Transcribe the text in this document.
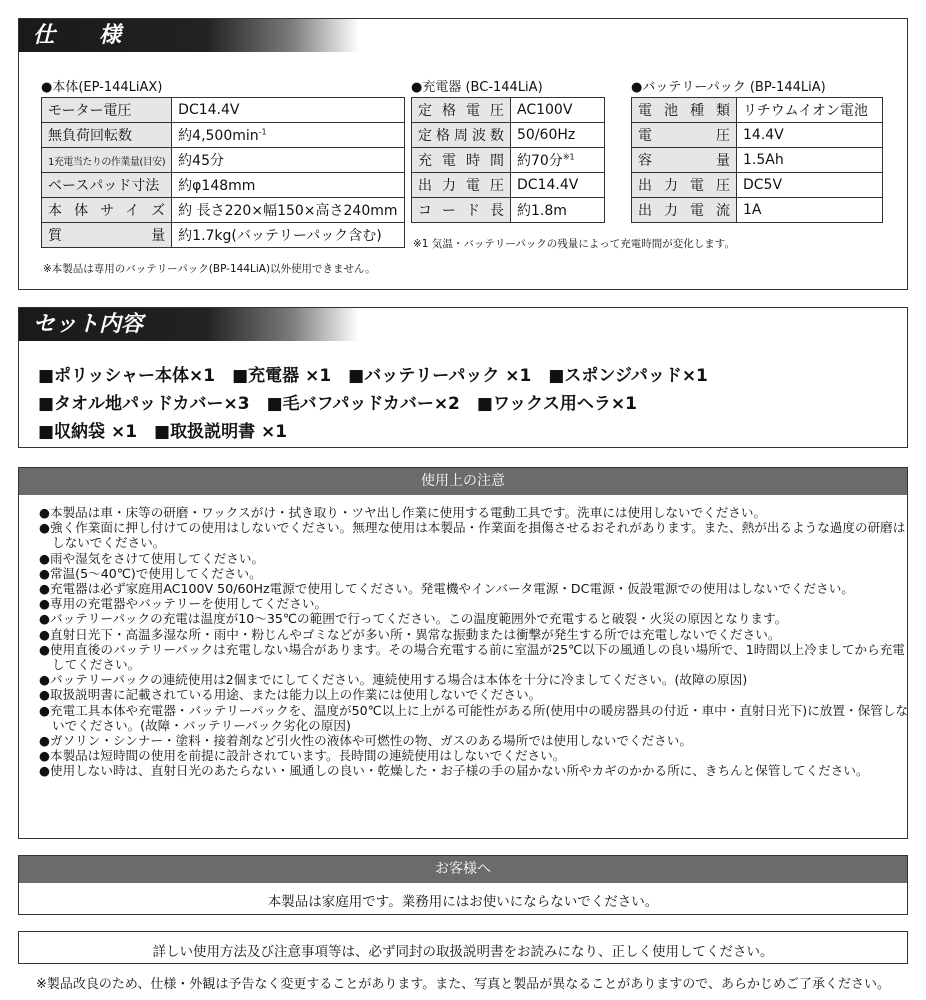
仕　　様
●本体(EP-144LiAX)
モーター電圧	DC14.4V
無負荷回転数	約$4,500\min^{-1}$
1充電当たりの作業量(目安)	約45分
ベースパッド寸法	約φ148mm

本体サイズ	約 長さ220×幅150×高さ240mm

質量	約1.7kg(バッテリーパック含む)
※本製品は専用のバッテリーパック(BP-144LiA)以外使用できません。
●充電器 (BC-144LiA)
定格電圧	AC100V

定格周波数	50/60Hz

充電時間	約70分$^{※1}$

出力電圧	DC14.4V

コード長	約1.8m
※1 気温・バッテリーパックの残量によって充電時間が変化します。
●バッテリーパック (BP-144LiA)
電池種類	リチウムイオン電池

電圧	14.4V

容量	1.5Ah

出力電圧	DC5V

出力電流	1A
セット内容
■ポリッシャー本体×1　■充電器 ×1　■バッテリーパック ×1　■スポンジパッド×1
■タオル地パッドカバー×3　■毛バフパッドカバー×2　■ワックス用ヘラ×1
■収納袋 ×1　■取扱説明書 ×1
使用上の注意
●本製品は車・床等の研磨・ワックスがけ・拭き取り・ツヤ出し作業に使用する電動工具です。洗車には使用しないでください。
●強く作業面に押し付けての使用はしないでください。無理な使用は本製品・作業面を損傷させるおそれがあります。また、熱が出るような過度の研磨はしないでください。
●雨や湿気をさけて使用してください。
●常温(5～40℃)で使用してください。
●充電器は必ず家庭用AC100V 50/60Hz電源で使用してください。発電機やインバータ電源・DC電源・仮設電源での使用はしないでください。
●専用の充電器やバッテリーを使用してください。
●バッテリーパックの充電は温度が10～35℃の範囲で行ってください。この温度範囲外で充電すると破裂・火災の原因となります。
●直射日光下・高温多湿な所・雨中・粉じんやゴミなどが多い所・異常な振動または衝撃が発生する所では充電しないでください。
●使用直後のバッテリーパックは充電しない場合があります。その場合充電する前に室温が25℃以下の風通しの良い場所で、1時間以上冷ましてから充電してください。
●バッテリーパックの連続使用は2個までにしてください。連続使用する場合は本体を十分に冷ましてください。(故障の原因)
●取扱説明書に記載されている用途、または能力以上の作業には使用しないでください。
●充電工具本体や充電器・バッテリーパックを、温度が50℃以上に上がる可能性がある所(使用中の暖房器具の付近・車中・直射日光下)に放置・保管しないでください。(故障・バッテリーパック劣化の原因)
●ガソリン・シンナー・塗料・接着剤など引火性の液体や可燃性の物、ガスのある場所では使用しないでください。
●本製品は短時間の使用を前提に設計されています。長時間の連続使用はしないでください。
●使用しない時は、直射日光のあたらない・風通しの良い・乾燥した・お子様の手の届かない所やカギのかかる所に、きちんと保管してください。
お客様へ
本製品は家庭用です。業務用にはお使いにならないでください。
詳しい使用方法及び注意事項等は、必ず同封の取扱説明書をお読みになり、正しく使用してください。
※製品改良のため、仕様・外観は予告なく変更することがあります。また、写真と製品が異なることがありますので、あらかじめご了承ください。
